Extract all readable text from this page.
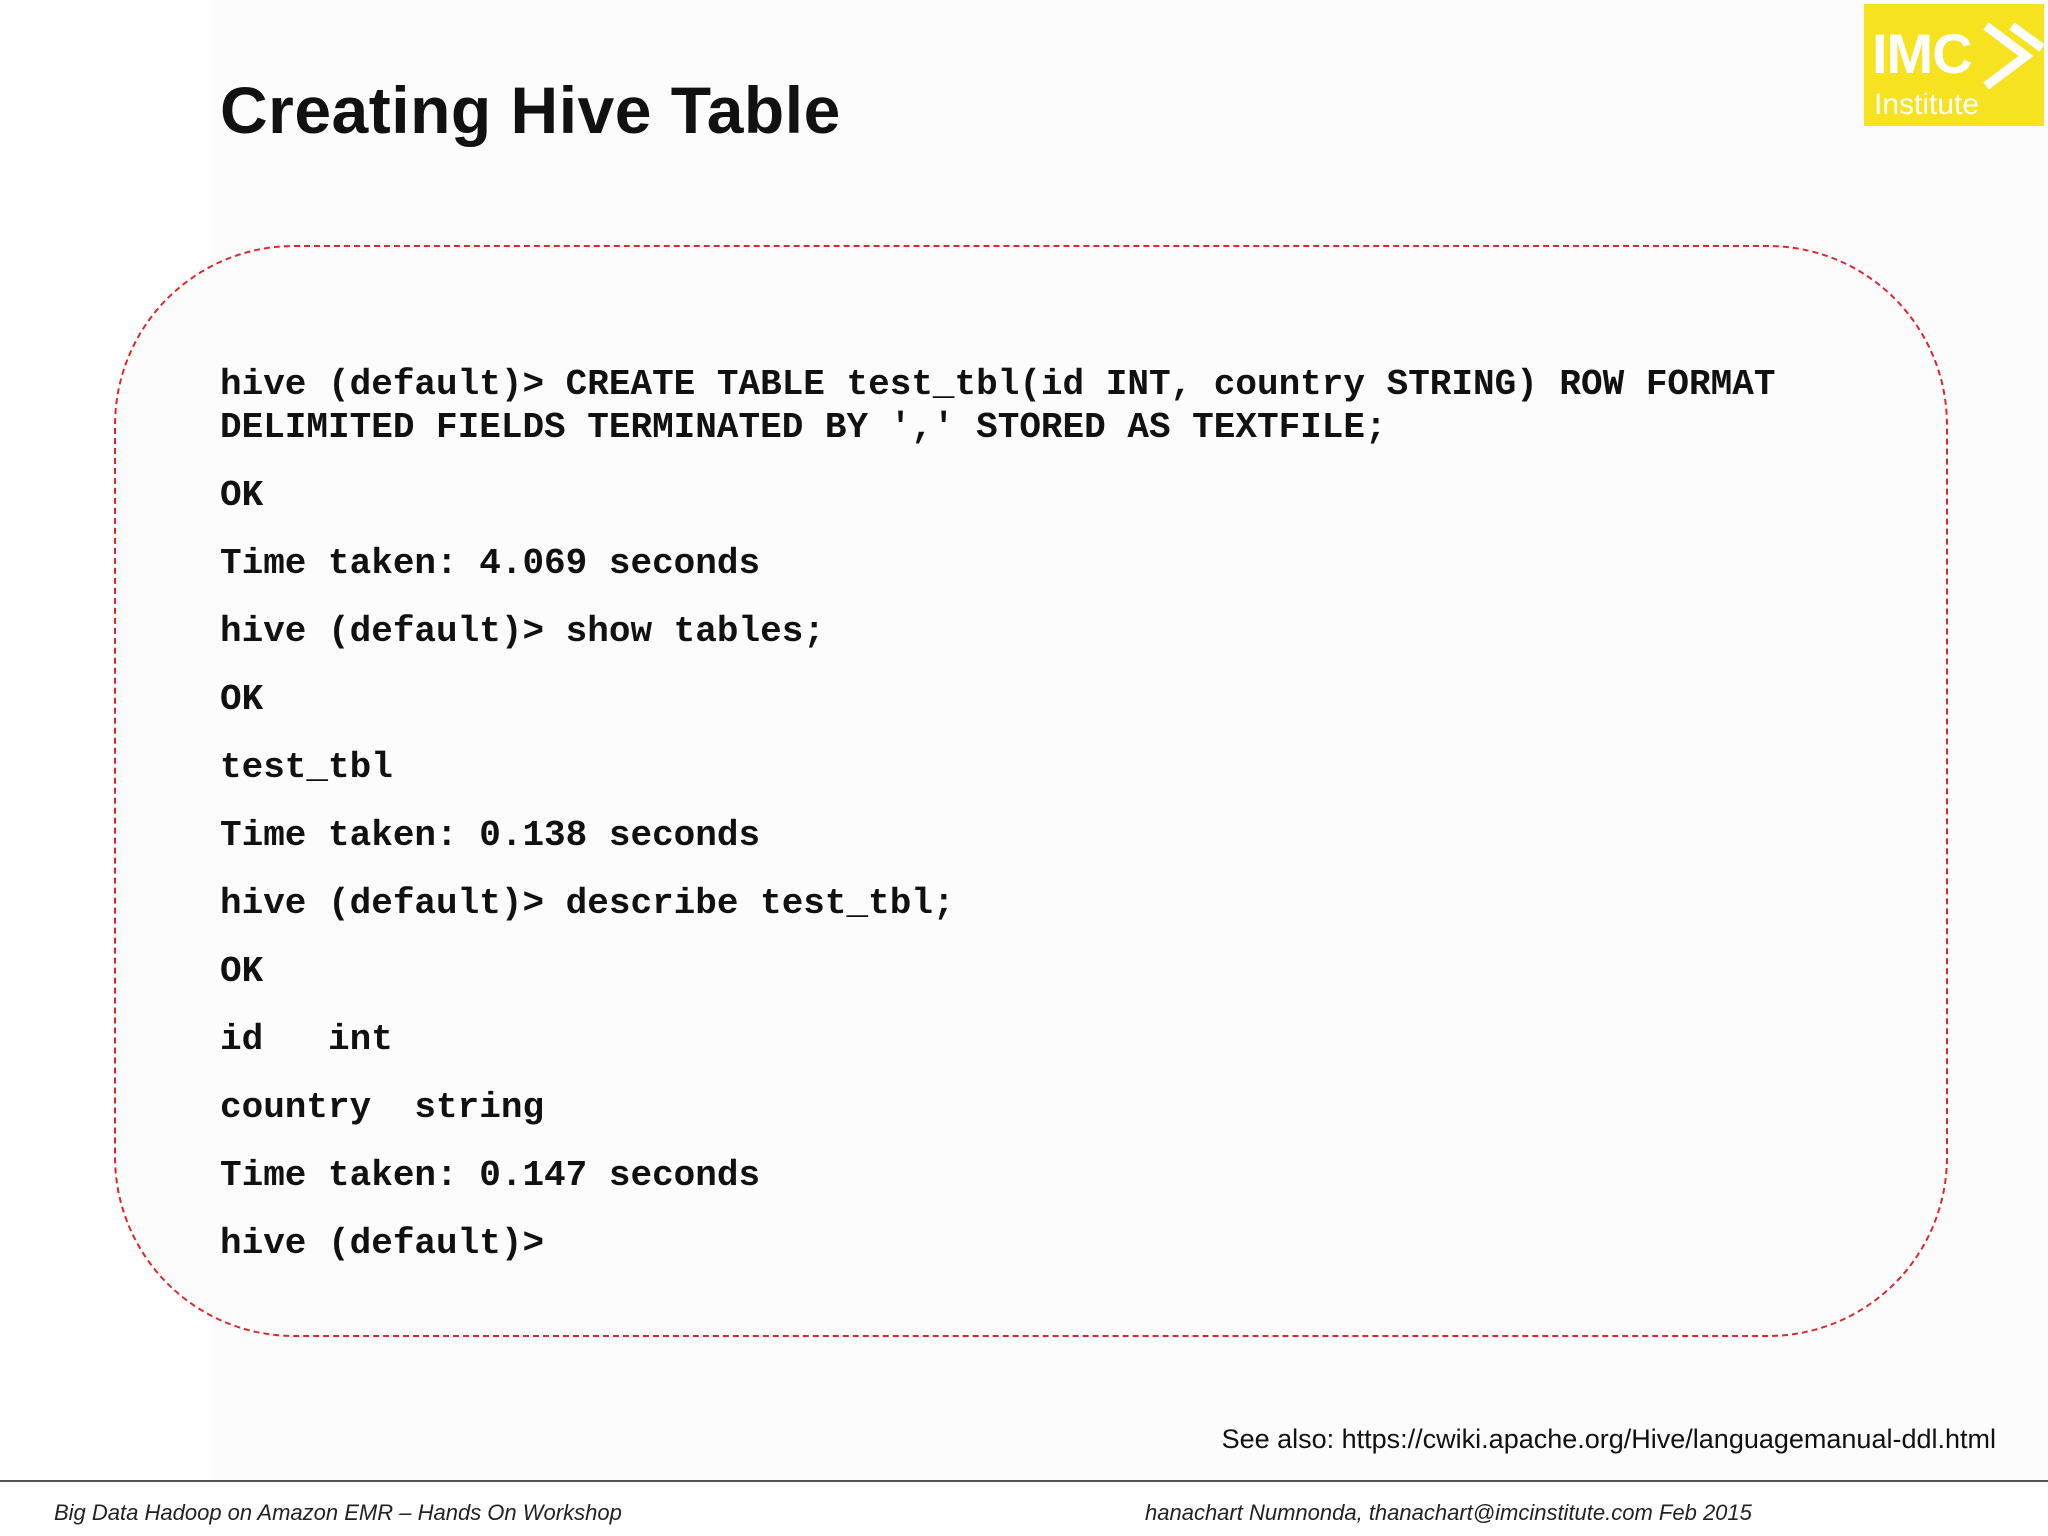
Creating Hive Table
IMC
Institute
hive (default)> CREATE TABLE test_tbl(id INT, country STRING) ROW FORMAT DELIMITED FIELDS TERMINATED BY ',' STORED AS TEXTFILE;
OK
Time taken: 4.069 seconds
hive (default)> show tables;
OK
test_tbl
Time taken: 0.138 seconds
hive (default)> describe test_tbl;
OK
id   int
country  string
Time taken: 0.147 seconds
hive (default)>
See also: https://cwiki.apache.org/Hive/languagemanual-ddl.html
Big Data Hadoop on Amazon EMR – Hands On Workshop	hanachart Numnonda, thanachart@imcinstitute.com Feb 2015
